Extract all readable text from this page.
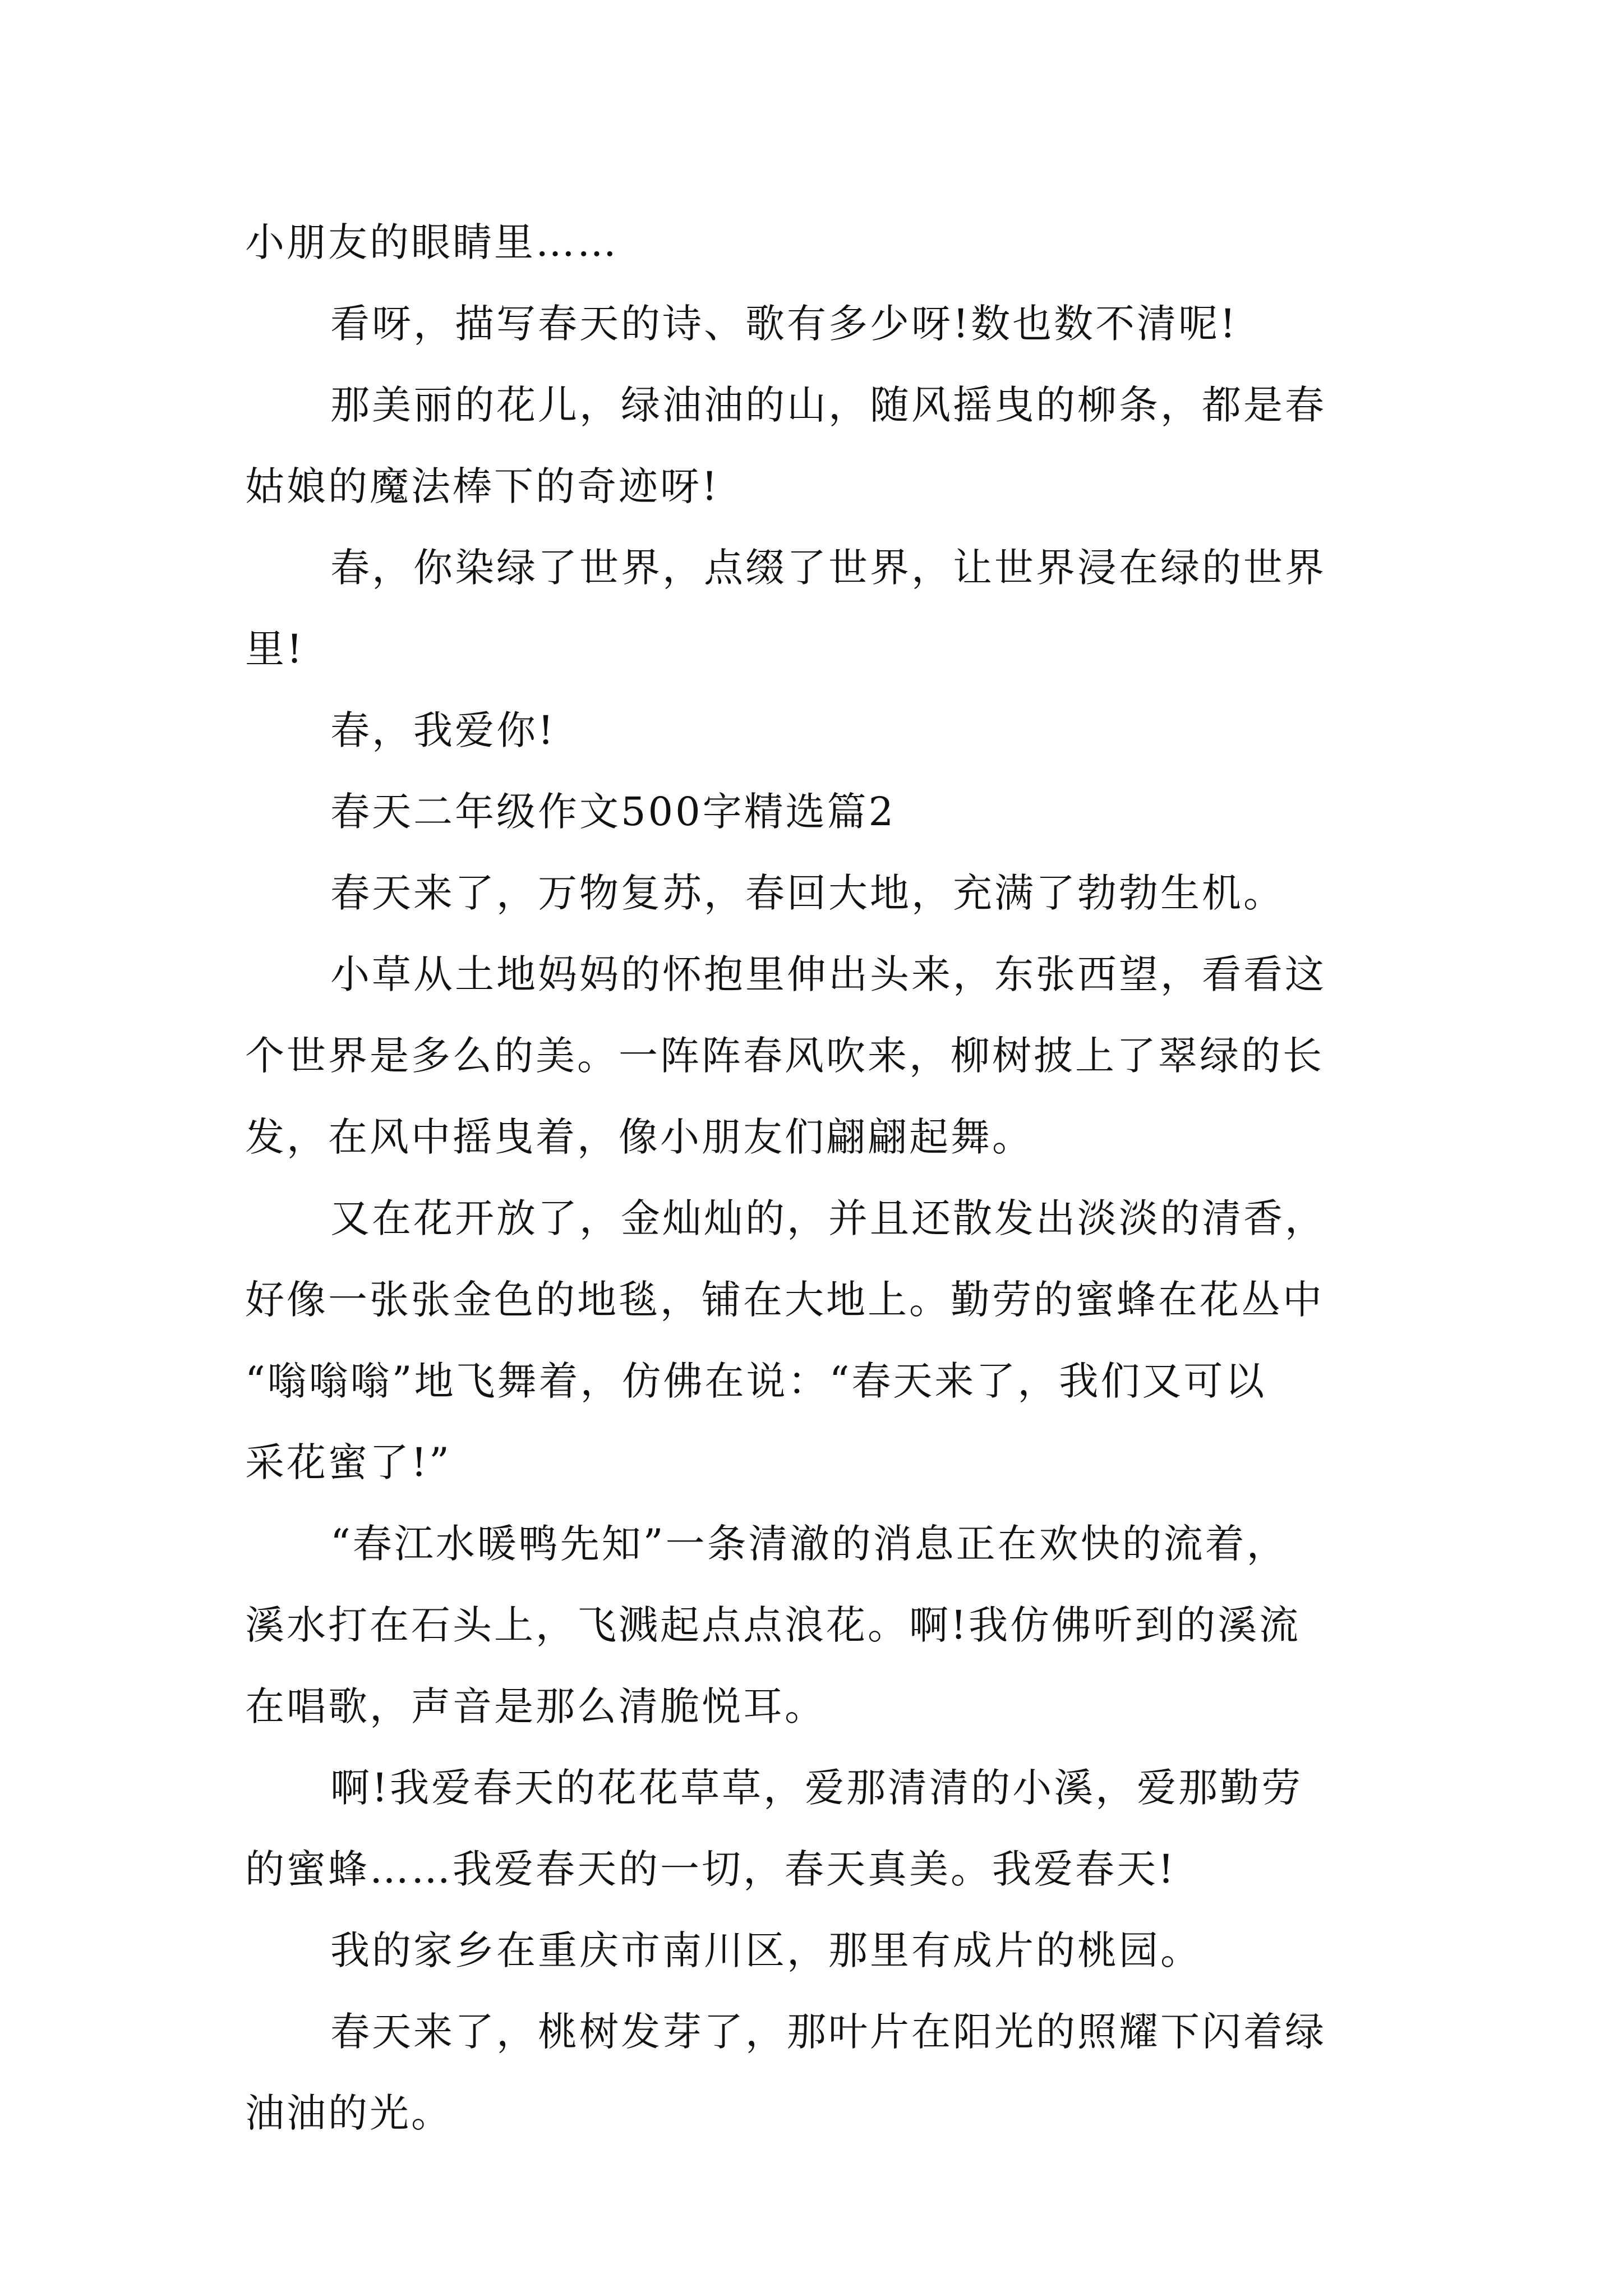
小朋友的眼睛里……

看呀，描写春天的诗、歌有多少呀!数也数不清呢!

那美丽的花儿，绿油油的山，随风摇曳的柳条，都是春

姑娘的魔法棒下的奇迹呀!

春，你染绿了世界，点缀了世界，让世界浸在绿的世界

里!

春，我爱你!

春天二年级作文500字精选篇2

春天来了，万物复苏，春回大地，充满了勃勃生机。

小草从土地妈妈的怀抱里伸出头来，东张西望，看看这

个世界是多么的美。一阵阵春风吹来，柳树披上了翠绿的长

发，在风中摇曳着，像小朋友们翩翩起舞。

又在花开放了，金灿灿的，并且还散发出淡淡的清香，

好像一张张金色的地毯，铺在大地上。勤劳的蜜蜂在花丛中

“嗡嗡嗡”地飞舞着，仿佛在说：“春天来了，我们又可以

采花蜜了!”

“春江水暖鸭先知”一条清澈的消息正在欢快的流着，

溪水打在石头上，飞溅起点点浪花。啊!我仿佛听到的溪流

在唱歌，声音是那么清脆悦耳。

啊!我爱春天的花花草草，爱那清清的小溪，爱那勤劳

的蜜蜂……我爱春天的一切，春天真美。我爱春天!

我的家乡在重庆市南川区，那里有成片的桃园。

春天来了，桃树发芽了，那叶片在阳光的照耀下闪着绿

油油的光。
